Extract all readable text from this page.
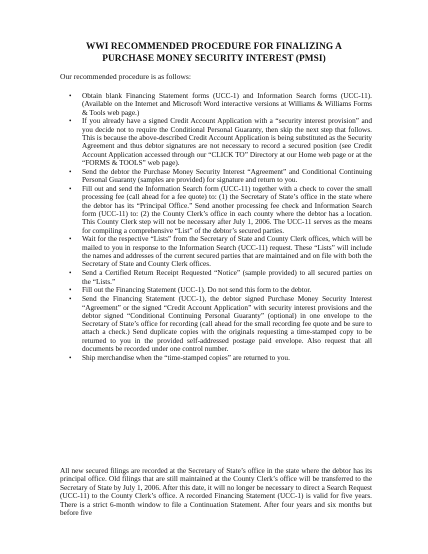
WWI RECOMMENDED PROCEDURE FOR FINALIZING A
PURCHASE MONEY SECURITY INTEREST (PMSI)
Our recommended procedure is as follows:
• Obtain blank Financing Statement forms (UCC-1) and Information Search forms (UCC-11). (Available on the Internet and Microsoft Word interactive versions at Williams & Williams Forms & Tools web page.)
• If you already have a signed Credit Account Application with a “security interest provision” and you decide not to require the Conditional Personal Guaranty, then skip the next step that follows. This is because the above-described Credit Account Application is being substituted as the Security Agreement and thus debtor signatures are not necessary to record a secured position (see Credit Account Application accessed through our “CLICK TO” Directory at our Home web page or at the “FORMS & TOOLS” web page).
• Send the debtor the Purchase Money Security Interest “Agreement” and Conditional Continuing Personal Guaranty (samples are provided) for signature and return to you.
• Fill out and send the Information Search form (UCC-11) together with a check to cover the small processing fee (call ahead for a fee quote) to: (1) the Secretary of State’s office in the state where the debtor has its “Principal Office.” Send another processing fee check and Information Search form (UCC-11) to: (2) the County Clerk’s office in each county where the debtor has a location. This County Clerk step will not be necessary after July 1, 2006. The UCC-11 serves as the means for compiling a comprehensive “List” of the debtor’s secured parties.
• Wait for the respective “Lists” from the Secretary of State and County Clerk offices, which will be mailed to you in response to the Information Search (UCC-11) request. These “Lists” will include the names and addresses of the current secured parties that are maintained and on file with both the Secretary of State and County Clerk offices.
• Send a Certified Return Receipt Requested “Notice” (sample provided) to all secured parties on the “Lists.”
• Fill out the Financing Statement (UCC-1). Do not send this form to the debtor.
• Send the Financing Statement (UCC-1), the debtor signed Purchase Money Security Interest “Agreement” or the signed “Credit Account Application” with security interest provisions and the debtor signed “Conditional Continuing Personal Guaranty” (optional) in one envelope to the Secretary of State’s office for recording (call ahead for the small recording fee quote and be sure to attach a check.) Send duplicate copies with the originals requesting a time-stamped copy to be returned to you in the provided self-addressed postage paid envelope. Also request that all documents be recorded under one control number.
• Ship merchandise when the “time-stamped copies” are returned to you.

All new secured filings are recorded at the Secretary of State’s office in the state where the debtor has its principal office. Old filings that are still maintained at the County Clerk’s office will be transferred to the Secretary of State by July 1, 2006. After this date, it will no longer be necessary to direct a Search Request (UCC-11) to the County Clerk’s office. A recorded Financing Statement (UCC-1) is valid for five years. There is a strict 6-month window to file a Continuation Statement. After four years and six months but before five
